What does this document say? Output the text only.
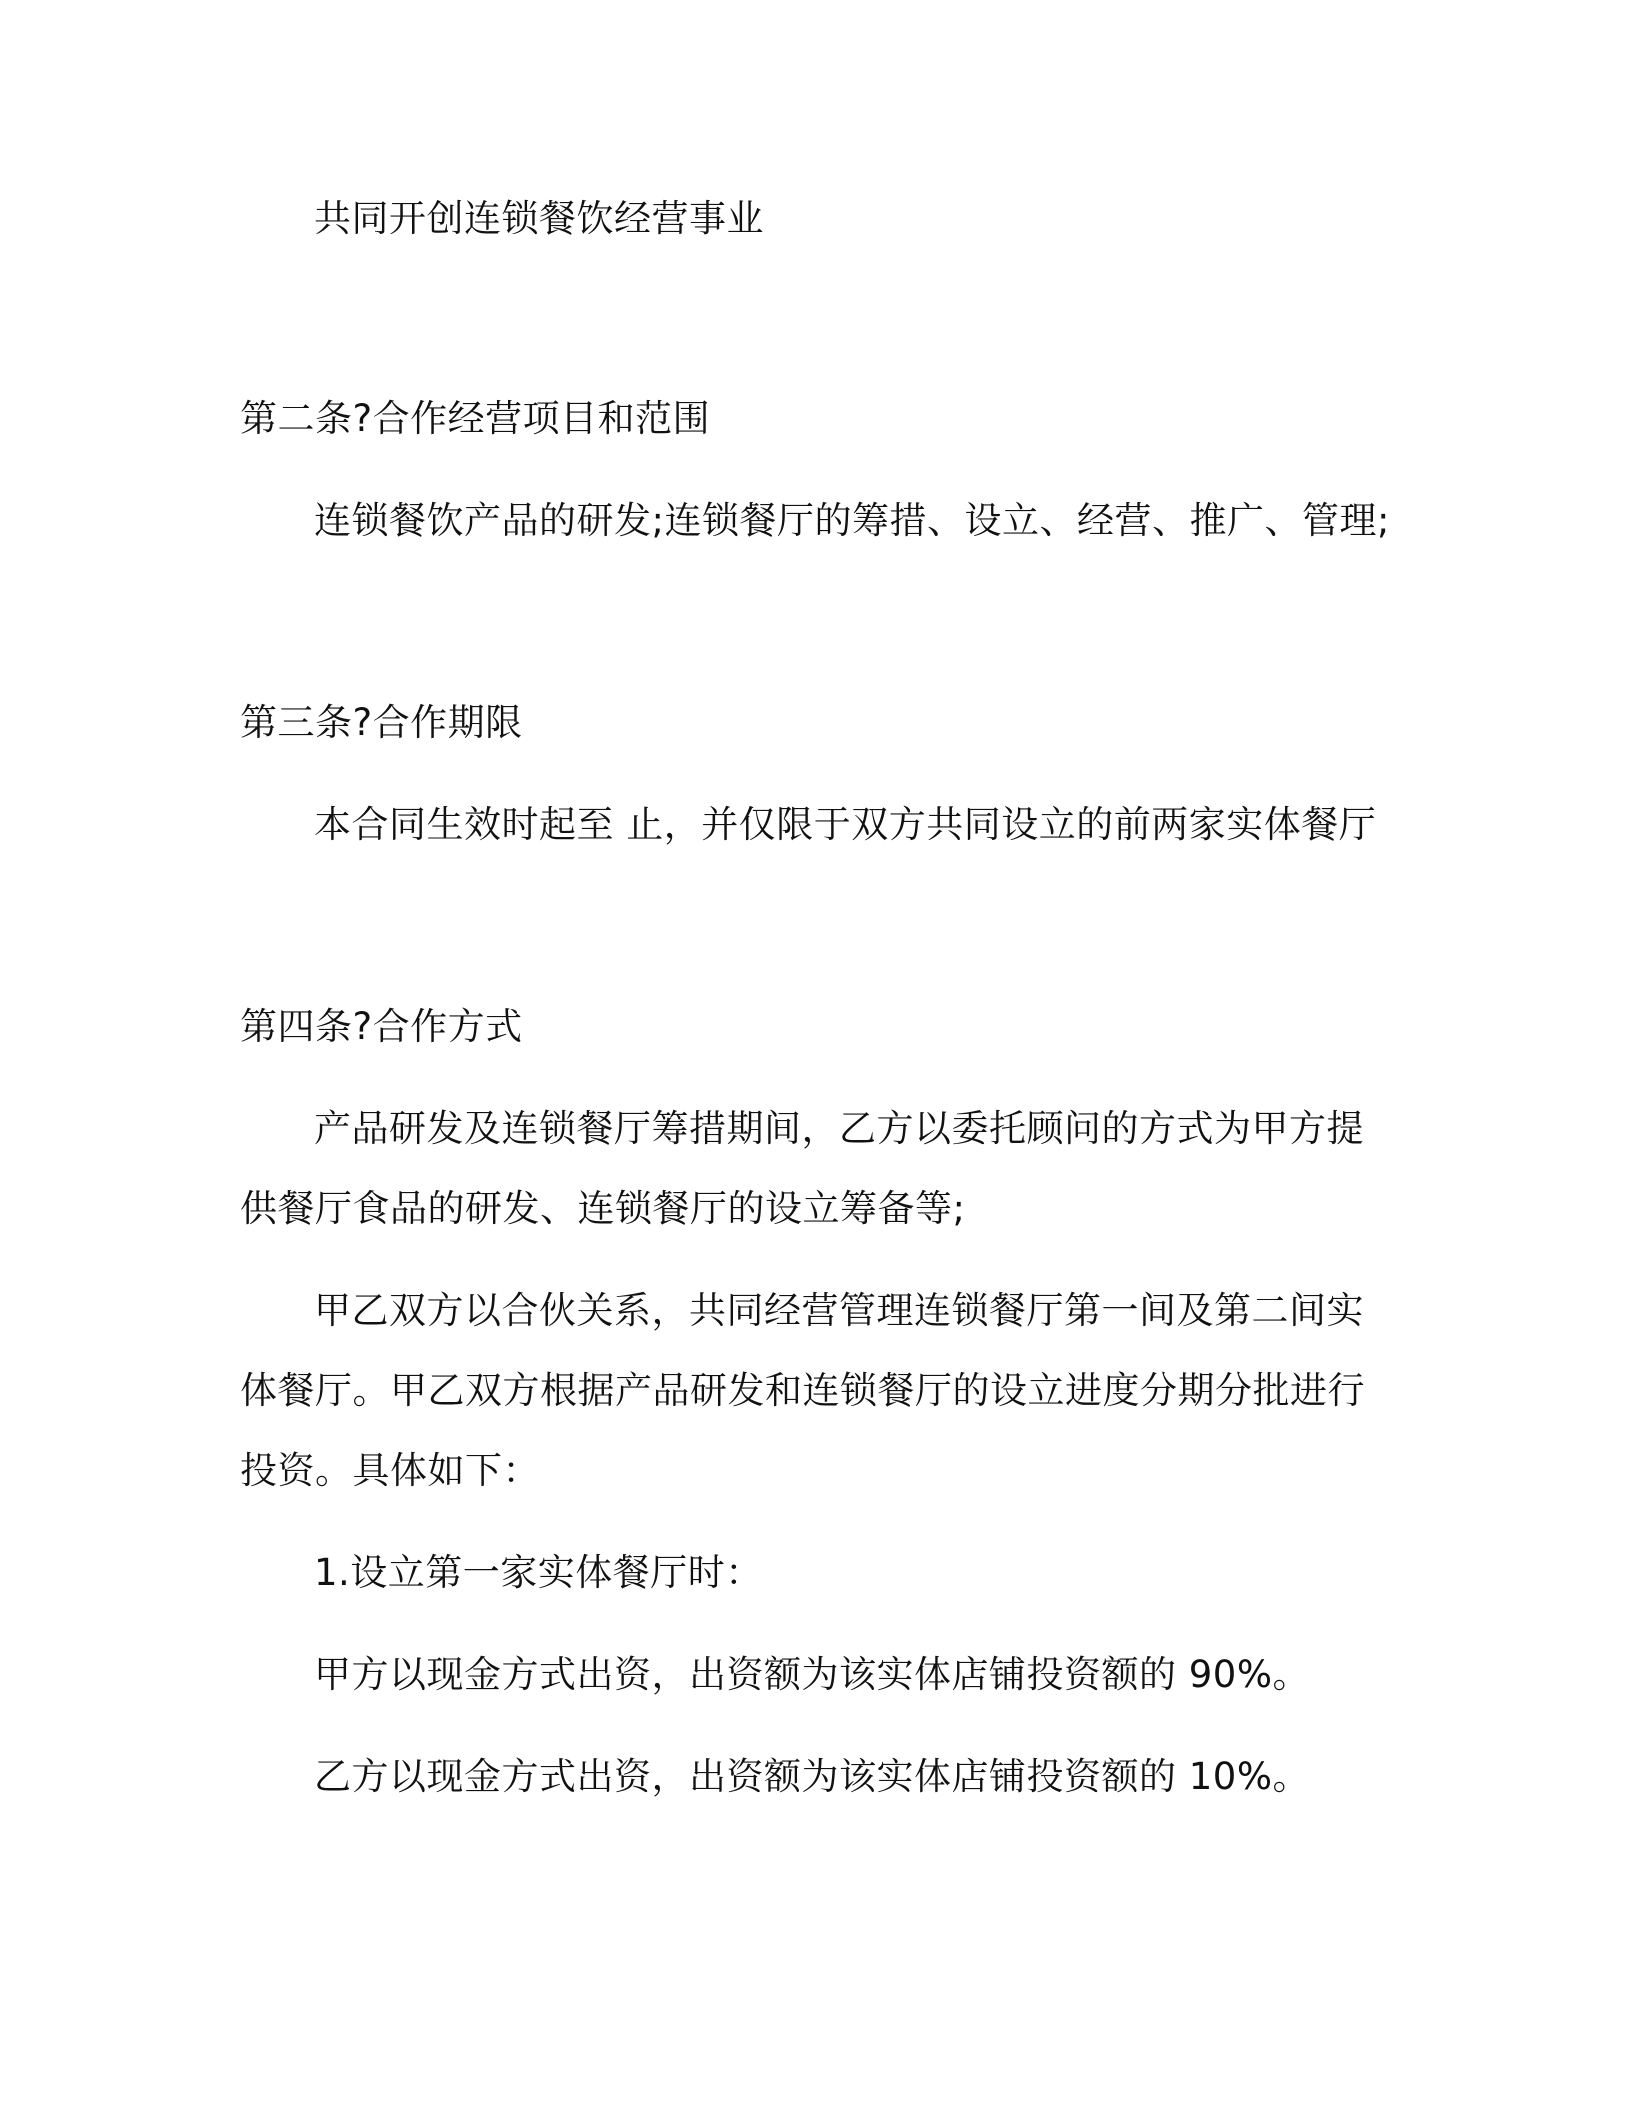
共同开创连锁餐饮经营事业
第二条?合作经营项目和范围
连锁餐饮产品的研发;连锁餐厅的筹措、设立、经营、推广、管理;
第三条?合作期限
本合同生效时起至 止，并仅限于双方共同设立的前两家实体餐厅
第四条?合作方式
产品研发及连锁餐厅筹措期间，乙方以委托顾问的方式为甲方提
供餐厅食品的研发、连锁餐厅的设立筹备等;
甲乙双方以合伙关系，共同经营管理连锁餐厅第一间及第二间实
体餐厅。甲乙双方根据产品研发和连锁餐厅的设立进度分期分批进行
投资。具体如下：
1.设立第一家实体餐厅时：
甲方以现金方式出资，出资额为该实体店铺投资额的 90%。
乙方以现金方式出资，出资额为该实体店铺投资额的 10%。
